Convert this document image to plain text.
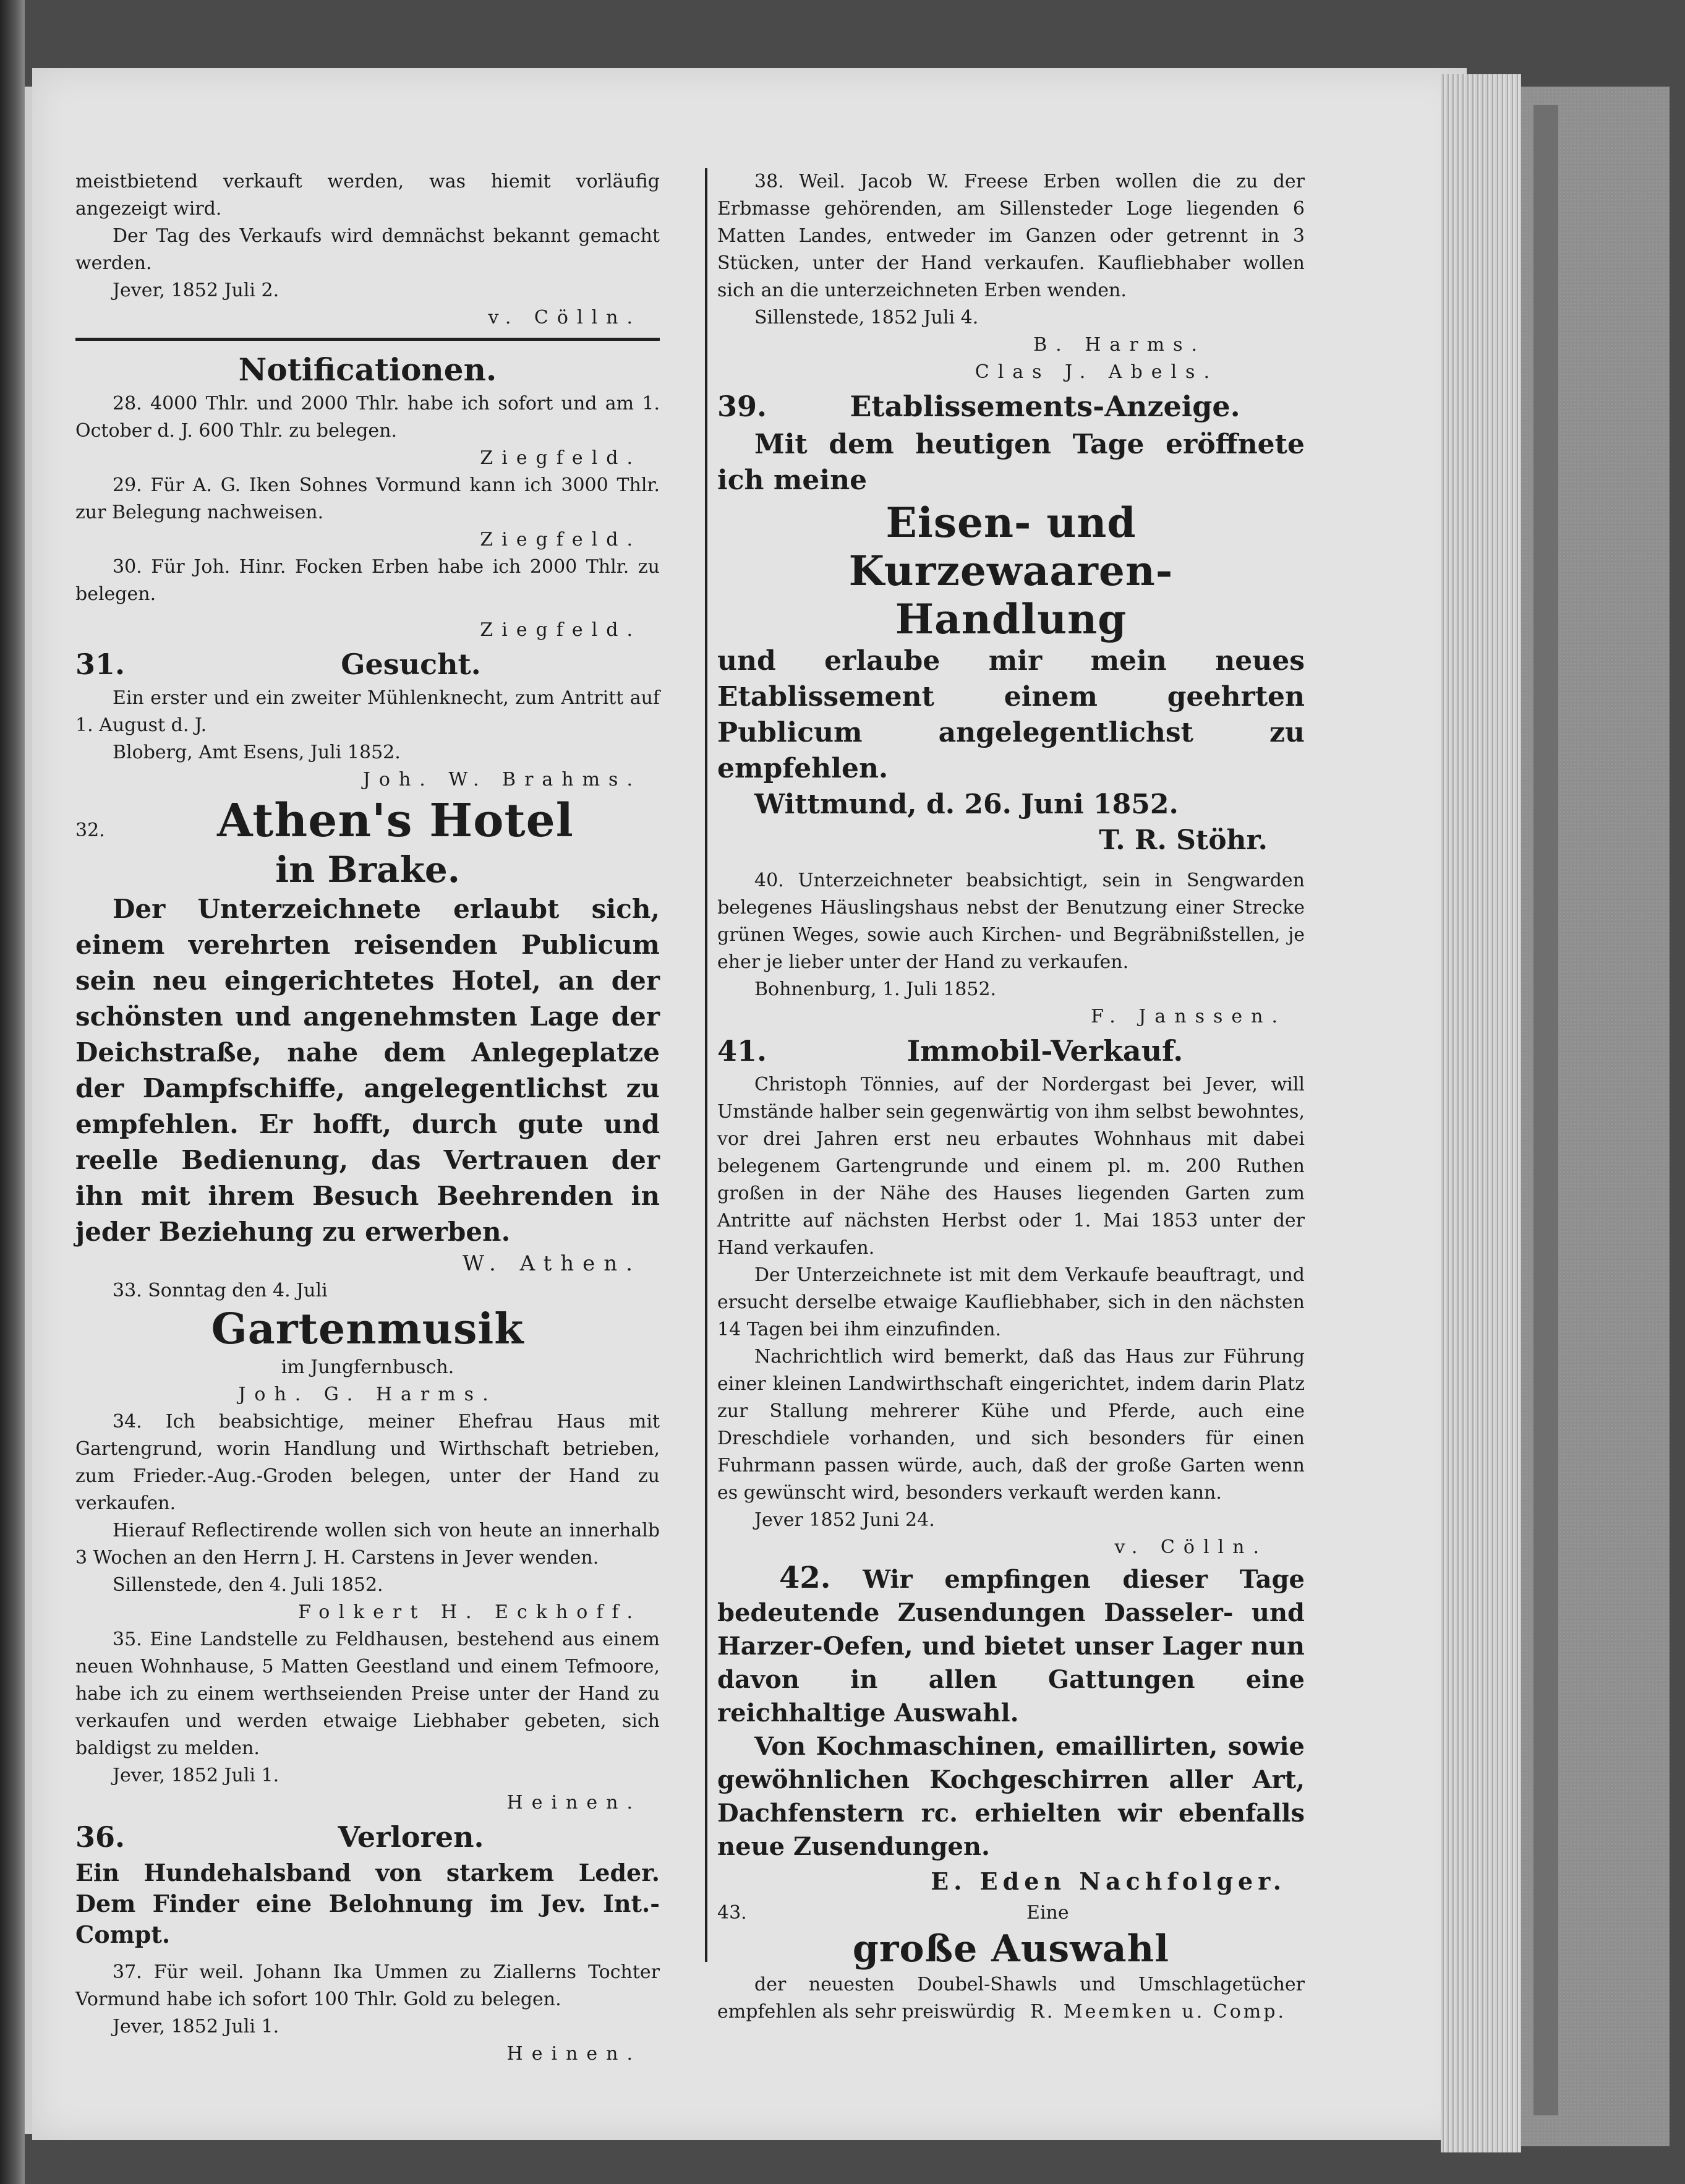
meistbietend verkauft werden, was hiemit vorläufig angezeigt wird.

Der Tag des Verkaufs wird demnächst bekannt gemacht werden.

Jever, 1852 Juli 2.

v. Cölln.

Notificationen.

28. 4000 Thlr. und 2000 Thlr. habe ich sofort und am 1. October d. J. 600 Thlr. zu belegen.

Ziegfeld.

29. Für A. G. Iken Sohnes Vormund kann ich 3000 Thlr. zur Belegung nachweisen.

Ziegfeld.

30. Für Joh. Hinr. Focken Erben habe ich 2000 Thlr. zu belegen.

Ziegfeld.

31.	Gesucht.

Ein erster und ein zweiter Mühlenknecht, zum Antritt auf 1. August d. J.

Bloberg, Amt Esens, Juli 1852.

Joh. W. Brahms.

32.	Athen's Hotel

in Brake.

Der Unterzeichnete erlaubt sich, einem verehrten reisenden Publicum sein neu eingerichtetes Hotel, an der schönsten und angenehmsten Lage der Deichstraße, nahe dem Anlegeplatze der Dampfschiffe, angelegentlichst zu empfehlen. Er hofft, durch gute und reelle Bedienung, das Vertrauen der ihn mit ihrem Besuch Beehrenden in jeder Beziehung zu erwerben.

W. Athen.

33. Sonntag den 4. Juli

Gartenmusik

im Jungfernbusch.

Joh. G. Harms.

34. Ich beabsichtige, meiner Ehefrau Haus mit Gartengrund, worin Handlung und Wirthschaft betrieben, zum Frieder.-Aug.-Groden belegen, unter der Hand zu verkaufen.

Hierauf Reflectirende wollen sich von heute an innerhalb 3 Wochen an den Herrn J. H. Carstens in Jever wenden.

Sillenstede, den 4. Juli 1852.

Folkert H. Eckhoff.

35. Eine Landstelle zu Feldhausen, bestehend aus einem neuen Wohnhause, 5 Matten Geestland und einem Tefmoore, habe ich zu einem werthseienden Preise unter der Hand zu verkaufen und werden etwaige Liebhaber gebeten, sich baldigst zu melden.

Jever, 1852 Juli 1.

Heinen.

36.	Verloren.

Ein Hundehalsband von starkem Leder. Dem Finder eine Belohnung im Jev. Int.-Compt.

37. Für weil. Johann Ika Ummen zu Ziallerns Tochter Vormund habe ich sofort 100 Thlr. Gold zu belegen.

Jever, 1852 Juli 1.

Heinen.

38. Weil. Jacob W. Freese Erben wollen die zu der Erbmasse gehörenden, am Sillensteder Loge liegenden 6 Matten Landes, entweder im Ganzen oder getrennt in 3 Stücken, unter der Hand verkaufen. Kaufliebhaber wollen sich an die unterzeichneten Erben wenden.

Sillenstede, 1852 Juli 4.

B. Harms.

Clas J. Abels.

39.	Etablissements-Anzeige.

Mit dem heutigen Tage eröffnete ich meine

Eisen- und Kurzewaaren-

Handlung

und erlaube mir mein neues Etablissement einem geehrten Publicum angelegentlichst zu empfehlen.

Wittmund, d. 26. Juni 1852.

T. R. Stöhr.

40. Unterzeichneter beabsichtigt, sein in Sengwarden belegenes Häuslingshaus nebst der Benutzung einer Strecke grünen Weges, sowie auch Kirchen- und Begräbnißstellen, je eher je lieber unter der Hand zu verkaufen.

Bohnenburg, 1. Juli 1852.

F. Janssen.

41.	Immobil-Verkauf.

Christoph Tönnies, auf der Nordergast bei Jever, will Umstände halber sein gegenwärtig von ihm selbst bewohntes, vor drei Jahren erst neu erbautes Wohnhaus mit dabei belegenem Gartengrunde und einem pl. m. 200 Ruthen großen in der Nähe des Hauses liegenden Garten zum Antritte auf nächsten Herbst oder 1. Mai 1853 unter der Hand verkaufen.

Der Unterzeichnete ist mit dem Verkaufe beauftragt, und ersucht derselbe etwaige Kaufliebhaber, sich in den nächsten 14 Tagen bei ihm einzufinden.

Nachrichtlich wird bemerkt, daß das Haus zur Führung einer kleinen Landwirthschaft eingerichtet, indem darin Platz zur Stallung mehrerer Kühe und Pferde, auch eine Dreschdiele vorhanden, und sich besonders für einen Fuhrmann passen würde, auch, daß der große Garten wenn es gewünscht wird, besonders verkauft werden kann.

Jever 1852 Juni 24.

v. Cölln.

42. Wir empfingen dieser Tage bedeutende Zusendungen Dasseler- und Harzer-Oefen, und bietet unser Lager nun davon in allen Gattungen eine reichhaltige Auswahl.

Von Kochmaschinen, emaillirten, sowie gewöhnlichen Kochgeschirren aller Art, Dachfenstern rc. erhielten wir ebenfalls neue Zusendungen.

E. Eden Nachfolger.

43.	Eine

große Auswahl

der neuesten Doubel-Shawls und Umschlagetücher empfehlen als sehr preiswürdig R. Meemken u. Comp.
